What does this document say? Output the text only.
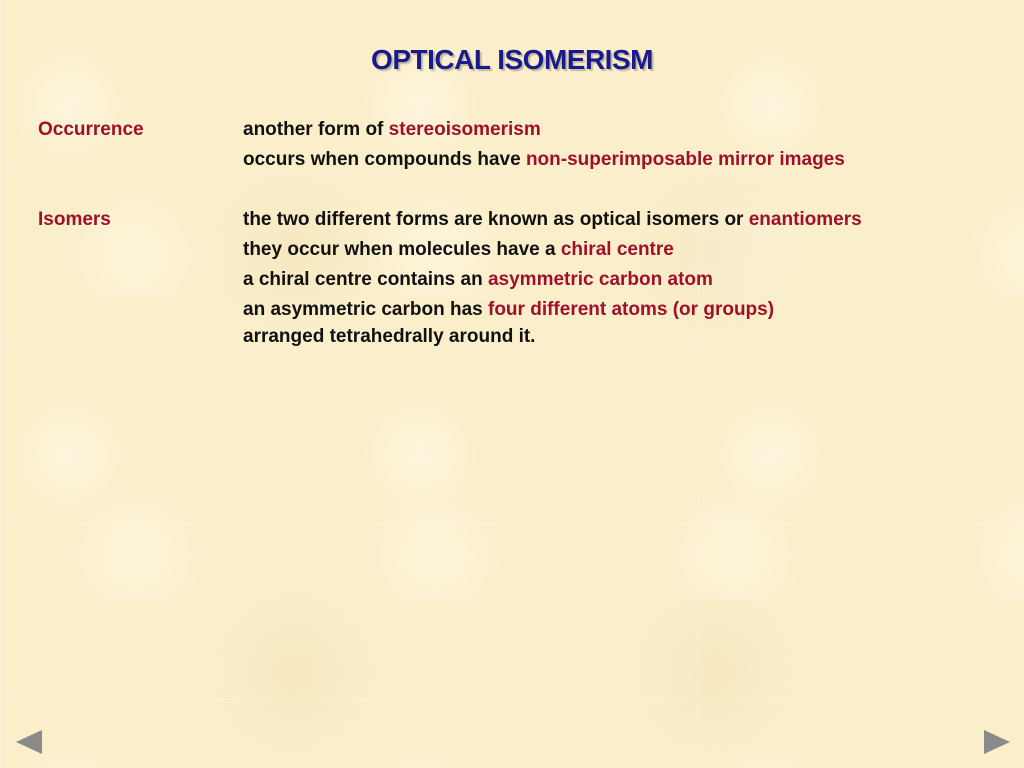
OPTICAL ISOMERISM
Occurrence	another form of stereoisomerism
occurs when compounds have non-superimposable mirror images
Isomers	the two different forms are known as optical isomers or enantiomers
they occur when molecules have a chiral centre
a chiral centre contains an asymmetric carbon atom
an asymmetric carbon has four different atoms (or groups)
arranged tetrahedrally around it.
